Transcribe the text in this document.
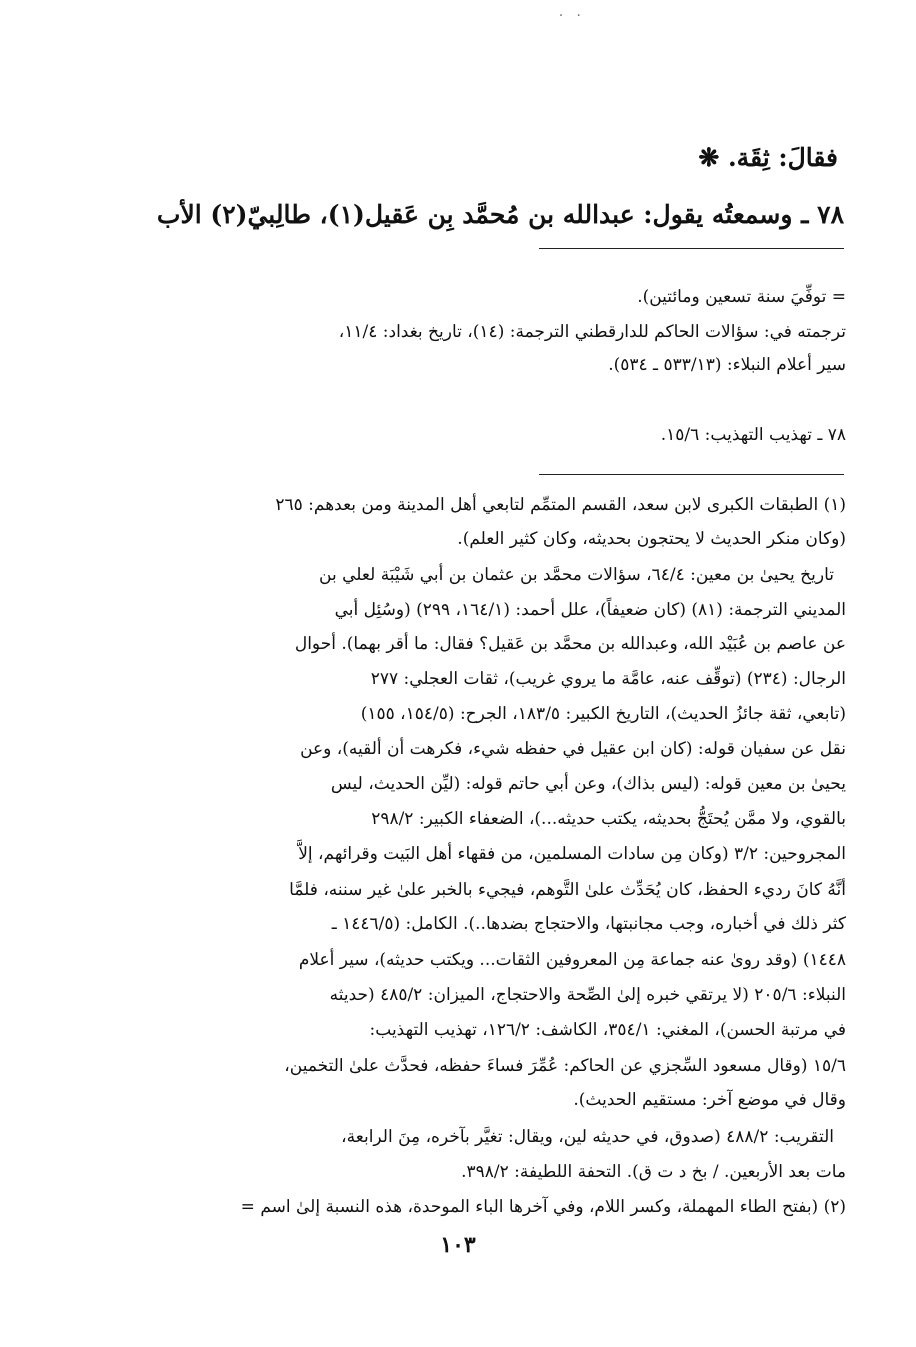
·   ·
فقالَ: ثِقَة. ❋
٧٨ ـ وسمعتُه يقول: عبدالله بن مُحمَّد بِن عَقيل(١)، طالِبيّ(٢) الأب
= توفِّيَ سنة تسعين ومائتين).
ترجمته في: سؤالات الحاكم للدارقطني الترجمة: (١٤)، تاريخ بغداد: ١١/٤،
سير أعلام النبلاء: (٥٣٣/١٣ ـ ٥٣٤).
٧٨ ـ تهذيب التهذيب: ١٥/٦.
(١) الطبقات الكبرى لابن سعد، القسم المتمِّم لتابعي أهل المدينة ومن بعدهم: ٢٦٥
(وكان منكر الحديث لا يحتجون بحديثه، وكان كثير العلم).
تاريخ يحيىٰ بن معين: ٦٤/٤، سؤالات محمَّد بن عثمان بن أبي شَيْبَة لعلي بن
المديني الترجمة: (٨١) (كان ضعيفاً)، علل أحمد: (١٦٤/١، ٢٩٩) (وسُئِل أبي
عن عاصم بن عُبَيْد الله، وعبدالله بن محمَّد بن عَقيل؟ فقال: ما أقر بهما). أحوال
الرجال: (٢٣٤) (توقِّف عنه، عامَّة ما يروي غريب)، ثقات العجلي: ٢٧٧
(تابعي، ثقة جائزُ الحديث)، التاريخ الكبير: ١٨٣/٥، الجرح: (١٥٤/٥، ١٥٥)
نقل عن سفيان قوله: (كان ابن عقيل في حفظه شيء، فكرهت أن ألقيه)، وعن
يحيىٰ بن معين قوله: (ليس بذاك)، وعن أبي حاتم قوله: (ليِّن الحديث، ليس
بالقوي، ولا ممَّن يُحتَجُّ بحديثه، يكتب حديثه...)، الضعفاء الكبير: ٢٩٨/٢
المجروحين: ٣/٢ (وكان مِن سادات المسلمين، من فقهاء أهل البَيت وقرائهم، إلاَّ
أنَّهُ كانَ رديء الحفظ، كان يُحَدِّث علىٰ التَّوهم، فيجيء بالخبر علىٰ غير سننه، فلمَّا
كثر ذلك في أخباره، وجب مجانبتها، والاحتجاج بضدها..). الكامل: (١٤٤٦/٥ ـ
١٤٤٨) (وقد روىٰ عنه جماعة مِن المعروفين الثقات... ويكتب حديثه)، سير أعلام
النبلاء: ٢٠٥/٦ (لا يرتقي خبره إلىٰ الصِّحة والاحتجاج، الميزان: ٤٨٥/٢ (حديثه
في مرتبة الحسن)، المغني: ٣٥٤/١، الكاشف: ١٢٦/٢، تهذيب التهذيب:
١٥/٦ (وقال مسعود السِّجزي عن الحاكم: عُمِّرَ فساءَ حفظه، فحدَّث علىٰ التخمين،
وقال في موضع آخر: مستقيم الحديث).
التقريب: ٤٨٨/٢ (صدوق، في حديثه لين، ويقال: تغيَّر بآخره، مِنَ الرابعة،
مات بعد الأربعين. / بخ د ت ق). التحفة اللطيفة: ٣٩٨/٢.
(٢) (بفتح الطاء المهملة، وكسر اللام، وفي آخرها الباء الموحدة، هذه النسبة إلىٰ اسم =
١٠٣
